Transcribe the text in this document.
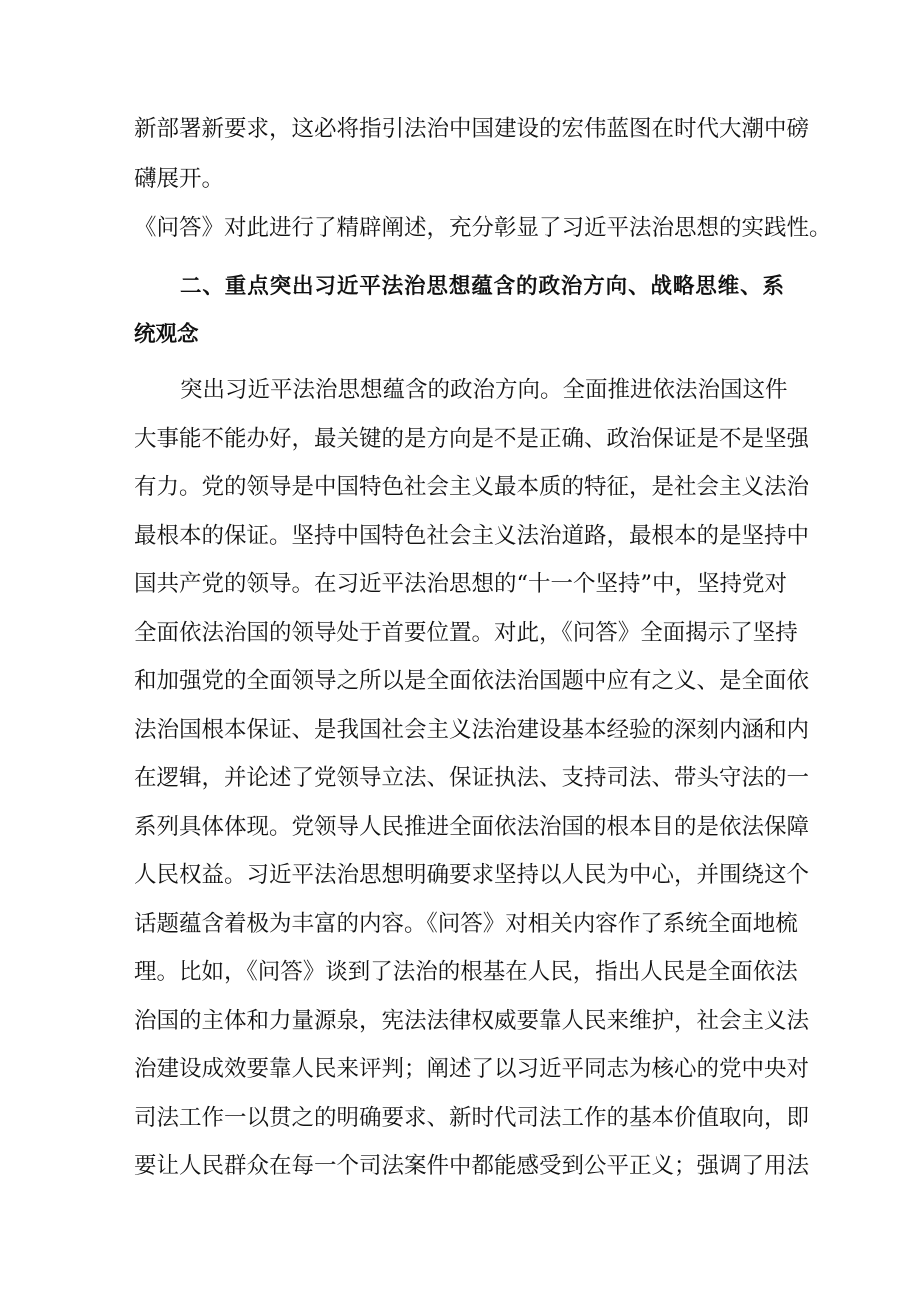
新部署新要求，这必将指引法治中国建设的宏伟蓝图在时代大潮中磅
礴展开。
《问答》对此进行了精辟阐述，充分彰显了习近平法治思想的实践性。
二、重点突出习近平法治思想蕴含的政治方向、战略思维、系
统观念
突出习近平法治思想蕴含的政治方向。全面推进依法治国这件
大事能不能办好，最关键的是方向是不是正确、政治保证是不是坚强
有力。党的领导是中国特色社会主义最本质的特征，是社会主义法治
最根本的保证。坚持中国特色社会主义法治道路，最根本的是坚持中
国共产党的领导。在习近平法治思想的“十一个坚持”中，坚持党对
全面依法治国的领导处于首要位置。对此，《问答》全面揭示了坚持
和加强党的全面领导之所以是全面依法治国题中应有之义、是全面依
法治国根本保证、是我国社会主义法治建设基本经验的深刻内涵和内
在逻辑，并论述了党领导立法、保证执法、支持司法、带头守法的一
系列具体体现。党领导人民推进全面依法治国的根本目的是依法保障
人民权益。习近平法治思想明确要求坚持以人民为中心，并围绕这个
话题蕴含着极为丰富的内容。《问答》对相关内容作了系统全面地梳
理。比如，《问答》谈到了法治的根基在人民，指出人民是全面依法
治国的主体和力量源泉，宪法法律权威要靠人民来维护，社会主义法
治建设成效要靠人民来评判；阐述了以习近平同志为核心的党中央对
司法工作一以贯之的明确要求、新时代司法工作的基本价值取向，即
要让人民群众在每一个司法案件中都能感受到公平正义；强调了用法
